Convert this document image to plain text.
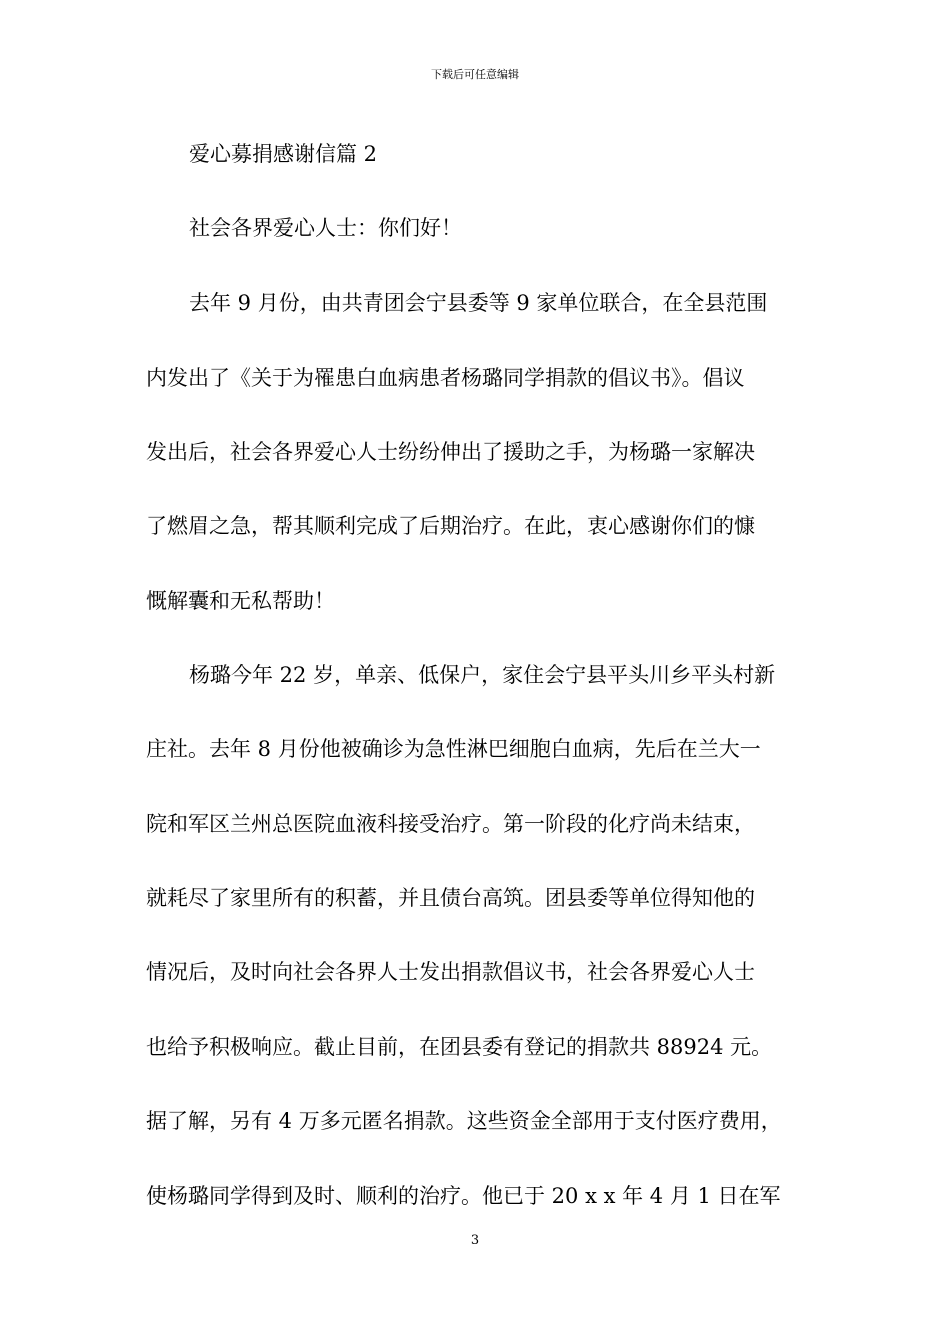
下载后可任意编辑
爱心募捐感谢信篇 2
社会各界爱心人士：你们好！
去年 9 月份，由共青团会宁县委等 9 家单位联合，在全县范围
内发出了《关于为罹患白血病患者杨璐同学捐款的倡议书》。倡议
发出后，社会各界爱心人士纷纷伸出了援助之手，为杨璐一家解决
了燃眉之急，帮其顺利完成了后期治疗。在此，衷心感谢你们的慷
慨解囊和无私帮助！
杨璐今年 22 岁，单亲、低保户，家住会宁县平头川乡平头村新
庄社。去年 8 月份他被确诊为急性淋巴细胞白血病，先后在兰大一
院和军区兰州总医院血液科接受治疗。第一阶段的化疗尚未结束，
就耗尽了家里所有的积蓄，并且债台高筑。团县委等单位得知他的
情况后，及时向社会各界人士发出捐款倡议书，社会各界爱心人士
也给予积极响应。截止目前，在团县委有登记的捐款共 88924 元。
据了解，另有 4 万多元匿名捐款。这些资金全部用于支付医疗费用，
使杨璐同学得到及时、顺利的治疗。他已于 20 x x 年 4 月 1 日在军
3
